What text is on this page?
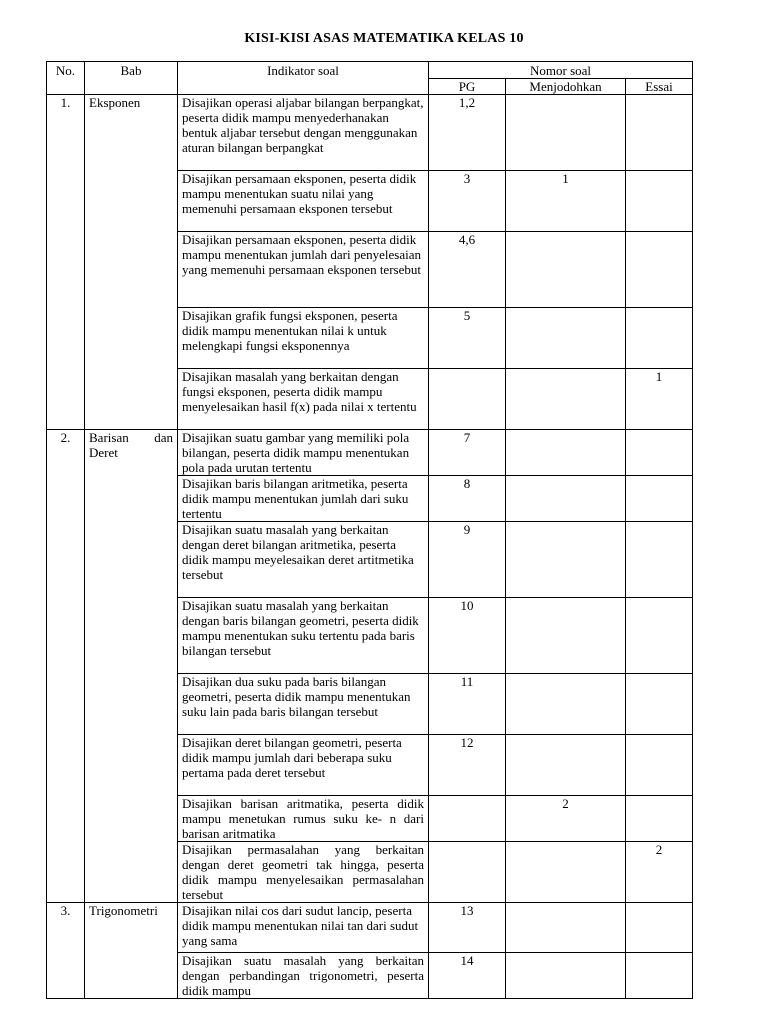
KISI-KISI ASAS MATEMATIKA KELAS 10
No.	Bab	Indikator soal	Nomor soal		
			PG	Menjodohkan	Essai
1.	Eksponen	Disajikan operasi aljabar bilangan berpangkat, peserta didik mampu menyederhanakan bentuk aljabar tersebut dengan menggunakan aturan bilangan berpangkat	1,2		
		Disajikan persamaan eksponen, peserta didik mampu menentukan suatu nilai yang memenuhi persamaan eksponen tersebut	3	1	
		Disajikan persamaan eksponen, peserta didik mampu menentukan jumlah dari penyelesaian yang memenuhi persamaan eksponen tersebut	4,6		
		Disajikan grafik fungsi eksponen, peserta didik mampu menentukan nilai k untuk melengkapi fungsi eksponennya	5		
		Disajikan masalah yang berkaitan dengan fungsi eksponen, peserta didik mampu menyelesaikan hasil f(x) pada nilai x tertentu			1
2.	Barisan dan Deret	Disajikan suatu gambar yang memiliki pola bilangan, peserta didik mampu menentukan pola pada urutan tertentu	7		
		Disajikan baris bilangan aritmetika, peserta didik mampu menentukan jumlah dari suku tertentu	8		
		Disajikan suatu masalah yang berkaitan dengan deret bilangan aritmetika, peserta didik mampu meyelesaikan deret artitmetika tersebut	9		
		Disajikan suatu masalah yang berkaitan dengan baris bilangan geometri, peserta didik mampu menentukan suku tertentu pada baris bilangan tersebut	10		
		Disajikan dua suku pada baris bilangan geometri, peserta didik mampu menentukan suku lain pada baris bilangan tersebut	11		
		Disajikan deret bilangan geometri, peserta didik mampu jumlah dari beberapa suku pertama pada deret tersebut	12		
		Disajikan barisan aritmatika, peserta didik mampu menetukan rumus suku ke- n dari barisan aritmatika		2	
		Disajikan permasalahan yang berkaitan dengan deret geometri tak hingga, peserta didik mampu menyelesaikan permasalahan tersebut			2
3.	Trigonometri	Disajikan nilai cos dari sudut lancip, peserta didik mampu menentukan nilai tan dari sudut yang sama	13		
		Disajikan suatu masalah yang berkaitan dengan perbandingan trigonometri, peserta didik mampu	14		
